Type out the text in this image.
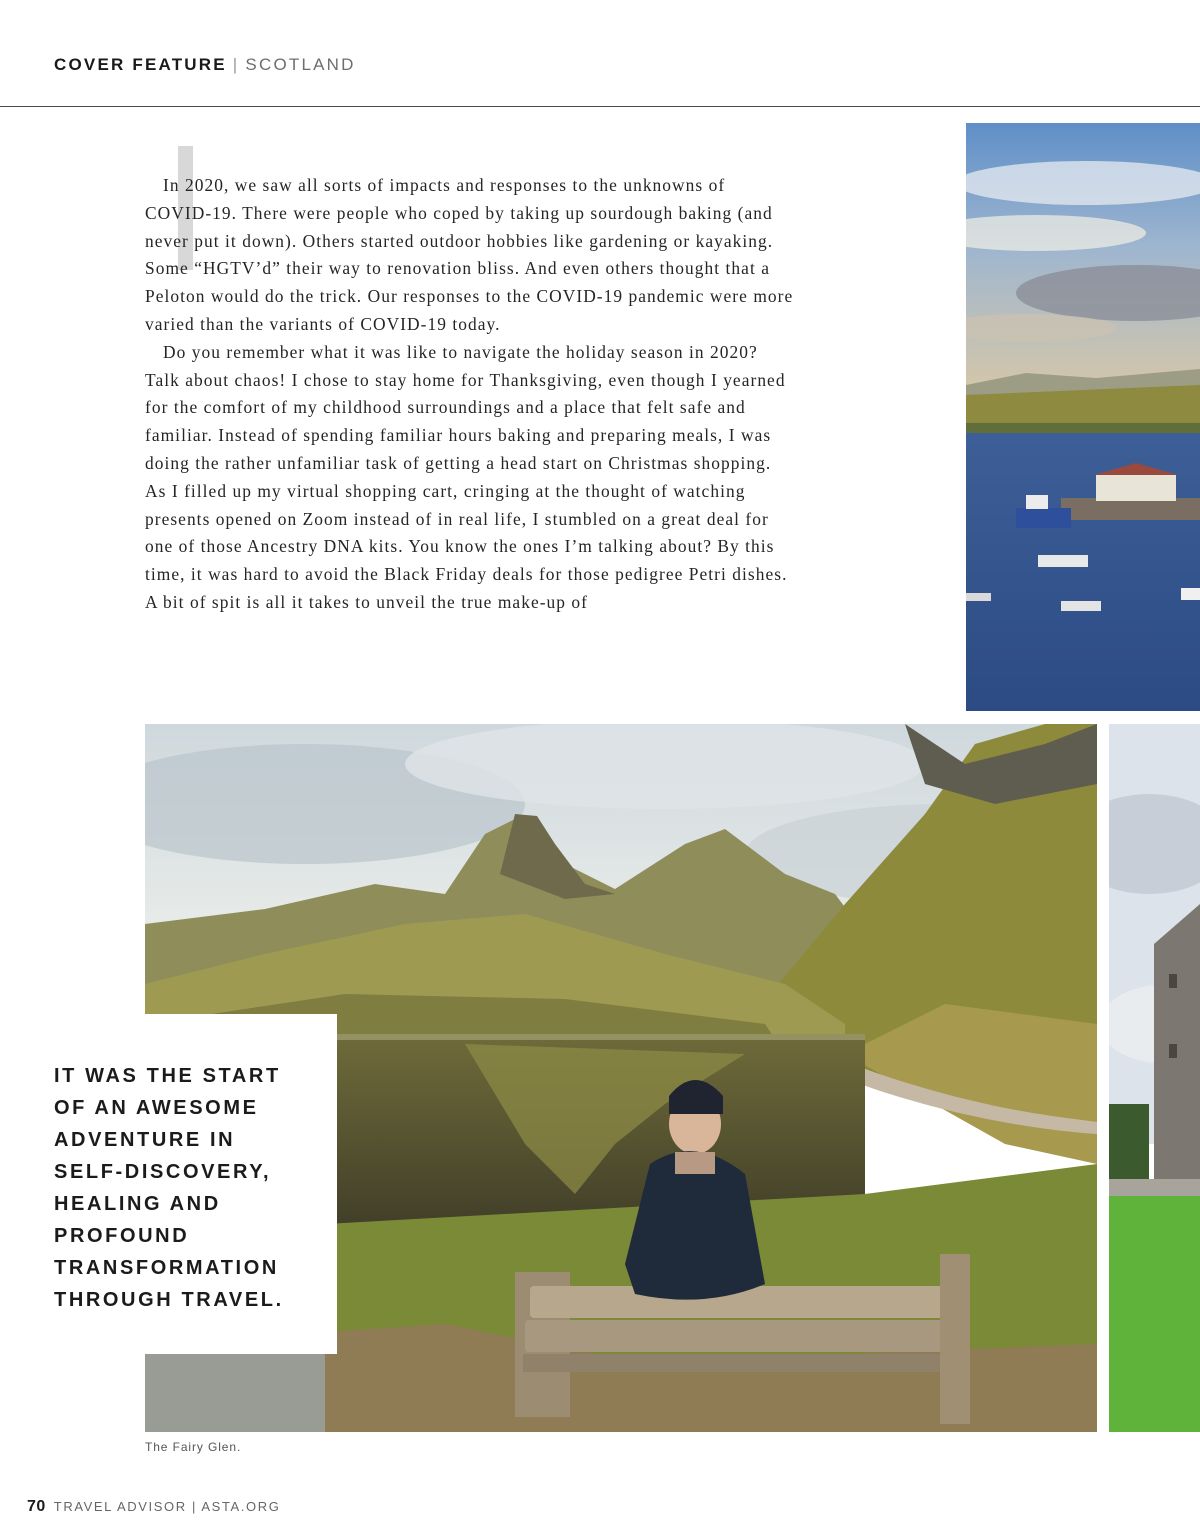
COVER FEATURE | SCOTLAND

In 2020, we saw all sorts of impacts and responses to the unknowns of COVID-19. There were people who coped by taking up sourdough baking (and never put it down). Others started outdoor hobbies like gardening or kayaking. Some “HGTV’d” their way to renovation bliss. And even others thought that a Peloton would do the trick. Our responses to the COVID-19 pandemic were more varied than the variants of COVID-19 today.

Do you remember what it was like to navigate the holiday season in 2020? Talk about chaos! I chose to stay home for Thanksgiving, even though I yearned for the comfort of my childhood surroundings and a place that felt safe and familiar. Instead of spending familiar hours baking and preparing meals, I was doing the rather unfamiliar task of getting a head start on Christmas shopping. As I filled up my virtual shopping cart, cringing at the thought of watching presents opened on Zoom instead of in real life, I stumbled on a great deal for one of those Ancestry DNA kits. You know the ones I’m talking about? By this time, it was hard to avoid the Black Friday deals for those pedigree Petri dishes. A bit of spit is all it takes to unveil the true make-up of

IT WAS THE START OF AN AWESOME ADVENTURE IN SELF-DISCOVERY, HEALING AND PROFOUND TRANSFORMATION THROUGH TRAVEL.
The Fairy Glen.
70 TRAVEL ADVISOR | ASTA.ORG
